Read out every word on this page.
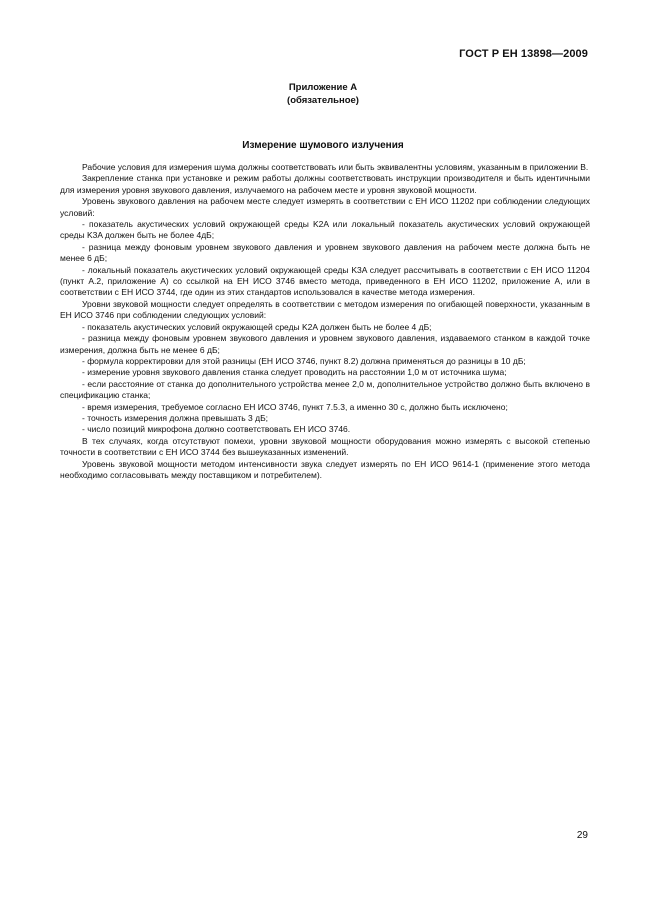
ГОСТ Р ЕН 13898—2009
Приложение А
(обязательное)
Измерение шумового излучения

Рабочие условия для измерения шума должны соответствовать или быть эквивалентны условиям, указанным в приложении В.

Закрепление станка при установке и режим работы должны соответствовать инструкции производителя и быть идентичными для измерения уровня звукового давления, излучаемого на рабочем месте и уровня звуковой мощности.

Уровень звукового давления на рабочем месте следует измерять в соответствии с ЕН ИСО 11202 при соблюдении следующих условий:

- показатель акустических условий окружающей среды K2A или локальный показатель акустических условий окружающей среды K3A должен быть не более 4дБ;

- разница между фоновым уровнем звукового давления и уровнем звукового давления на рабочем месте должна быть не менее 6 дБ;

- локальный показатель акустических условий окружающей среды K3A следует рассчитывать в соответствии с ЕН ИСО 11204 (пункт А.2, приложение А) со ссылкой на ЕН ИСО 3746 вместо метода, приведенного в ЕН ИСО 11202, приложение А, или в соответствии с ЕН ИСО 3744, где один из этих стандартов использовался в качестве метода измерения.

Уровни звуковой мощности следует определять в соответствии с методом измерения по огибающей поверхности, указанным в ЕН ИСО 3746 при соблюдении следующих условий:

- показатель акустических условий окружающей среды K2A должен быть не более 4 дБ;

- разница между фоновым уровнем звукового давления и уровнем звукового давления, издаваемого станком в каждой точке измерения, должна быть не менее 6 дБ;

- формула корректировки для этой разницы (ЕН ИСО 3746, пункт 8.2) должна применяться до разницы в 10 дБ;

- измерение уровня звукового давления станка следует проводить на расстоянии 1,0 м от источника шума;

- если расстояние от станка до дополнительного устройства менее 2,0 м, дополнительное устройство должно быть включено в спецификацию станка;

- время измерения, требуемое согласно ЕН ИСО 3746, пункт 7.5.3, а именно 30 с, должно быть исключено;

- точность измерения должна превышать 3 дБ;

- число позиций микрофона должно соответствовать ЕН ИСО 3746.

В тех случаях, когда отсутствуют помехи, уровни звуковой мощности оборудования можно измерять с высокой степенью точности в соответствии с ЕН ИСО 3744 без вышеуказанных изменений.

Уровень звуковой мощности методом интенсивности звука следует измерять по ЕН ИСО 9614-1 (применение этого метода необходимо согласовывать между поставщиком и потребителем).

29
